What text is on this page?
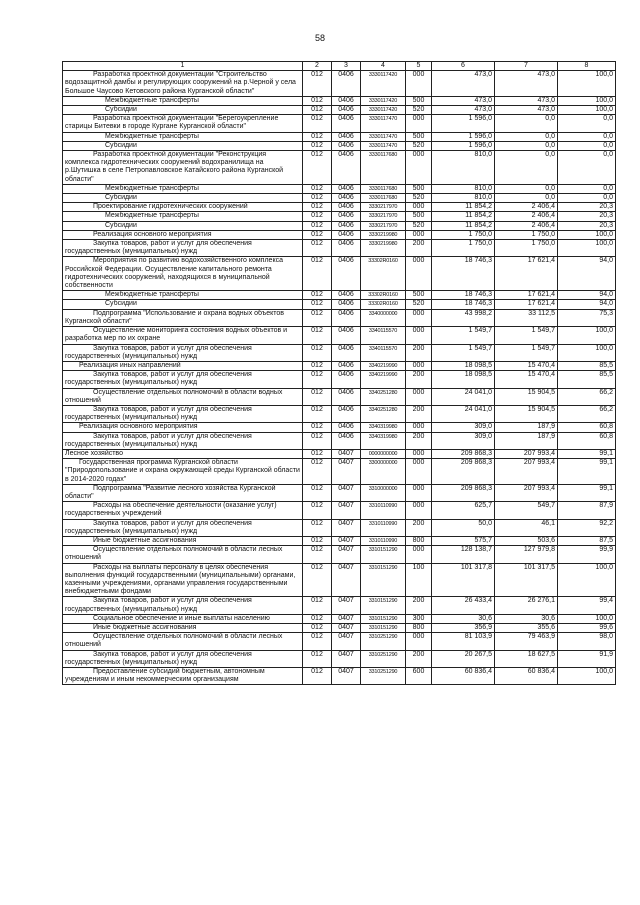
58
1	2	3	4	5	6	7	8

Разработка проектной документации "Строительство водозащитной дамбы и регулирующих сооружений на р.Черной у села Большое Чаусово Кетовского района Курганской области"	012	0406	3330117420	000	473,0	473,0	100,0

Межбюджетные трансферты	012	0406	3330117420	500	473,0	473,0	100,0

Субсидии	012	0406	3330117420	520	473,0	473,0	100,0

Разработка проектной документации "Берегоукрепление старицы Битевки в городе Кургане Курганской области"	012	0406	3330117470	000	1 596,0	0,0	0,0

Межбюджетные трансферты	012	0406	3330117470	500	1 596,0	0,0	0,0

Субсидии	012	0406	3330117470	520	1 596,0	0,0	0,0

Разработка проектной документации "Реконструкция комплекса гидротехнических сооружений водохранилища на р.Шутишка в селе Петропавловское Катайского района Курганской области"	012	0406	3330117680	000	810,0	0,0	0,0

Межбюджетные трансферты	012	0406	3330117680	500	810,0	0,0	0,0

Субсидии	012	0406	3330117680	520	810,0	0,0	0,0

Проектирование гидротехнических сооружений	012	0406	3330217970	000	11 854,2	2 406,4	20,3

Межбюджетные трансферты	012	0406	3330217970	500	11 854,2	2 406,4	20,3

Субсидии	012	0406	3330217970	520	11 854,2	2 406,4	20,3

Реализация основного мероприятия	012	0406	3330219980	000	1 750,0	1 750,0	100,0

Закупка товаров, работ и услуг для обеспечения государственных (муниципальных) нужд	012	0406	3330219980	200	1 750,0	1 750,0	100,0

Мероприятия по развитию водохозяйственного комплекса Российской Федерации. Осуществление капитального ремонта гидротехнических сооружений, находящихся в муниципальной собственности	012	0406	33302R0160	000	18 746,3	17 621,4	94,0

Межбюджетные трансферты	012	0406	33302R0160	500	18 746,3	17 621,4	94,0

Субсидии	012	0406	33302R0160	520	18 746,3	17 621,4	94,0

Подпрограмма "Использование и охрана водных объектов Курганской области"	012	0406	3340000000	000	43 998,2	33 112,5	75,3

Осуществление мониторинга состояния водных объектов и разработка мер по их охране	012	0406	3340115570	000	1 549,7	1 549,7	100,0

Закупка товаров, работ и услуг для обеспечения государственных (муниципальных) нужд	012	0406	3340115570	200	1 549,7	1 549,7	100,0

Реализация иных направлений	012	0406	3340219990	000	18 098,5	15 470,4	85,5

Закупка товаров, работ и услуг для обеспечения государственных (муниципальных) нужд	012	0406	3340219990	200	18 098,5	15 470,4	85,5

Осуществление отдельных полномочий в области водных отношений	012	0406	3340251280	000	24 041,0	15 904,5	66,2

Закупка товаров, работ и услуг для обеспечения государственных (муниципальных) нужд	012	0406	3340251280	200	24 041,0	15 904,5	66,2

Реализация основного мероприятия	012	0406	3340319980	000	309,0	187,9	60,8

Закупка товаров, работ и услуг для обеспечения государственных (муниципальных) нужд	012	0406	3340319980	200	309,0	187,9	60,8
Лесное хозяйство	012	0407	0000000000	000	209 868,3	207 993,4	99,1

Государственная программа Курганской области "Природопользование и охрана окружающей среды Курганской области в 2014-2020 годах"	012	0407	3300000000	000	209 868,3	207 993,4	99,1

Подпрограмма "Развитие лесного хозяйства Курганской области"	012	0407	3310000000	000	209 868,3	207 993,4	99,1

Расходы на обеспечение деятельности (оказание услуг) государственных учреждений	012	0407	3310110990	000	625,7	549,7	87,9

Закупка товаров, работ и услуг для обеспечения государственных (муниципальных) нужд	012	0407	3310110990	200	50,0	46,1	92,2

Иные бюджетные ассигнования	012	0407	3310110990	800	575,7	503,6	87,5

Осуществление отдельных полномочий в области лесных отношений	012	0407	3310151290	000	128 138,7	127 979,8	99,9

Расходы на выплаты персоналу в целях обеспечения выполнения функций государственными (муниципальными) органами, казенными учреждениями, органами управления государственными внебюджетными фондами	012	0407	3310151290	100	101 317,8	101 317,5	100,0

Закупка товаров, работ и услуг для обеспечения государственных (муниципальных) нужд	012	0407	3310151290	200	26 433,4	26 276,1	99,4

Социальное обеспечение и иные выплаты населению	012	0407	3310151290	300	30,6	30,6	100,0

Иные бюджетные ассигнования	012	0407	3310151290	800	356,9	355,6	99,6

Осуществление отдельных полномочий в области лесных отношений	012	0407	3310251290	000	81 103,9	79 463,9	98,0

Закупка товаров, работ и услуг для обеспечения государственных (муниципальных) нужд	012	0407	3310251290	200	20 267,5	18 627,5	91,9

Предоставление субсидий бюджетным, автономным учреждениям и иным некоммерческим организациям	012	0407	3310251290	600	60 836,4	60 836,4	100,0
